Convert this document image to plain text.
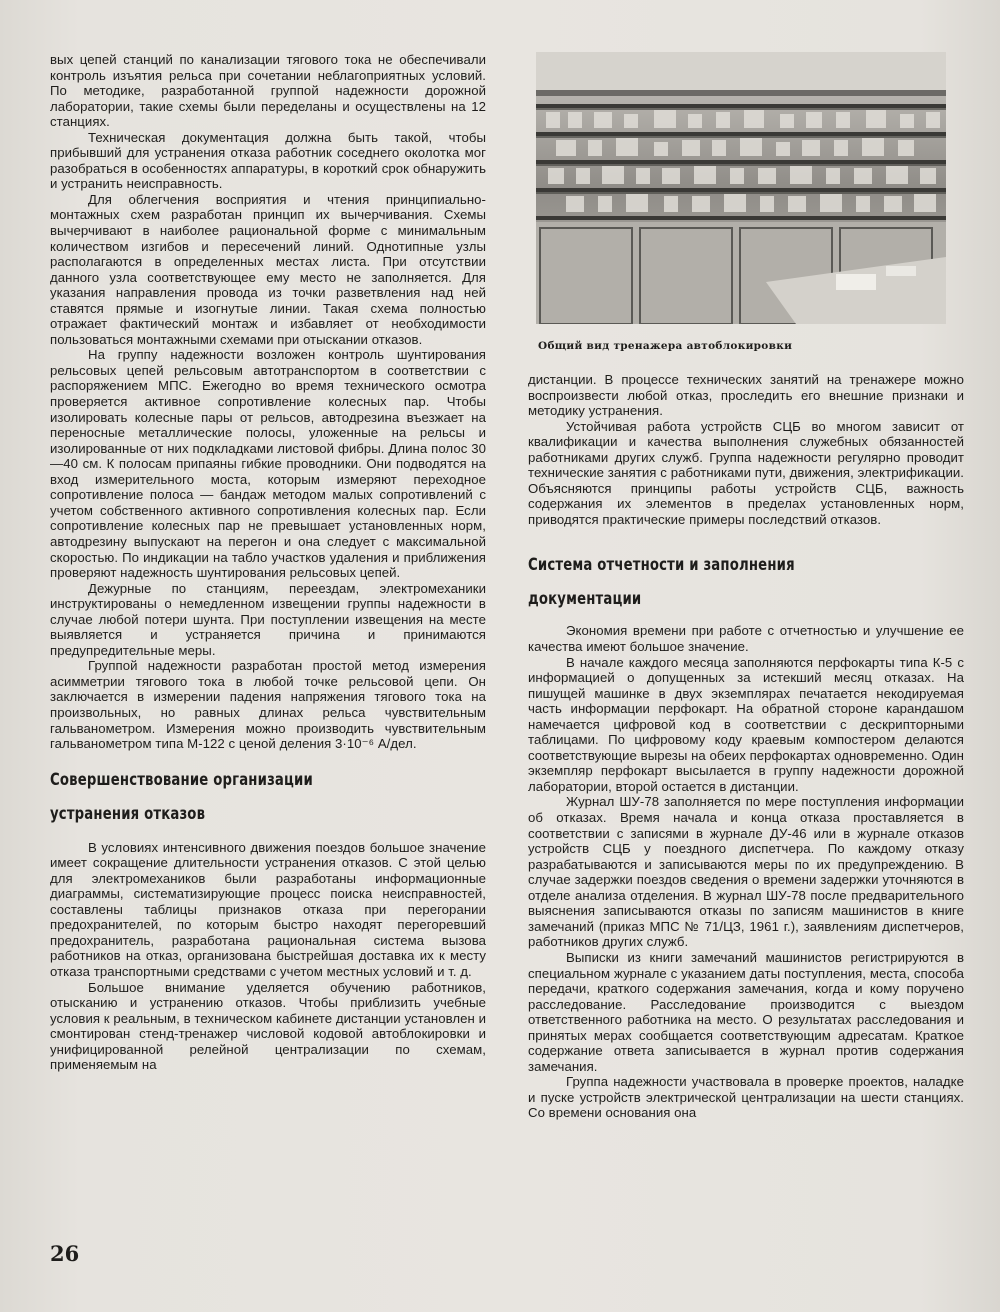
вых цепей станций по канализации тягового тока не обеспечивали контроль изъятия рельса при сочетании неблагоприятных условий. По методике, разработанной группой надежности дорожной лаборатории, такие схемы были переделаны и осуществлены на 12 станциях.

Техническая документация должна быть такой, чтобы прибывший для устранения отказа работник соседнего околотка мог разобраться в особенностях аппаратуры, в короткий срок обнаружить и устранить неисправность.

Для облегчения восприятия и чтения принципиально-монтажных схем разработан принцип их вычерчивания. Схемы вычерчивают в наиболее рациональной форме с минимальным количеством изгибов и пересечений линий. Однотипные узлы располагаются в определенных местах листа. При отсутствии данного узла соответствующее ему место не заполняется. Для указания направления провода из точки разветвления над ней ставятся прямые и изогнутые линии. Такая схема полностью отражает фактический монтаж и избавляет от необходимости пользоваться монтажными схемами при отыскании отказов.

На группу надежности возложен контроль шунтирования рельсовых цепей рельсовым автотранспортом в соответствии с распоряжением МПС. Ежегодно во время технического осмотра проверяется активное сопротивление колесных пар. Чтобы изолировать колесные пары от рельсов, автодрезина въезжает на переносные металлические полосы, уложенные на рельсы и изолированные от них подкладками листовой фибры. Длина полос 30—40 см. К полосам припаяны гибкие проводники. Они подводятся на вход измерительного моста, которым измеряют переходное сопротивление полоса — бандаж методом малых сопротивлений с учетом собственного активного сопротивления колесных пар. Если сопротивление колесных пар не превышает установленных норм, автодрезину выпускают на перегон и она следует с максимальной скоростью. По индикации на табло участков удаления и приближения проверяют надежность шунтирования рельсовых цепей.

Дежурные по станциям, переездам, электромеханики инструктированы о немедленном извещении группы надежности в случае любой потери шунта. При поступлении извещения на месте выявляется и устраняется причина и принимаются предупредительные меры.

Группой надежности разработан простой метод измерения асимметрии тягового тока в любой точке рельсовой цепи. Он заключается в измерении падения напряжения тягового тока на произвольных, но равных длинах рельса чувствительным гальванометром. Измерения можно производить чувствительным гальванометром типа М-122 с ценой деления 3·10⁻⁶ А/дел.

Совершенствование организации
устранения отказов

В условиях интенсивного движения поездов большое значение имеет сокращение длительности устранения отказов. С этой целью для электромехаников были разработаны информационные диаграммы, систематизирующие процесс поиска неисправностей, составлены таблицы признаков отказа при перегорании предохранителей, по которым быстро находят перегоревший предохранитель, разработана рациональная система вызова работников на отказ, организована быстрейшая доставка их к месту отказа транспортными средствами с учетом местных условий и т. д.

Большое внимание уделяется обучению работников, отысканию и устранению отказов. Чтобы приблизить учебные условия к реальным, в техническом кабинете дистанции установлен и смонтирован стенд-тренажер числовой кодовой автоблокировки и унифицированной релейной централизации по схемам, применяемым на

Общий вид тренажера автоблокировки

дистанции. В процессе технических занятий на тренажере можно воспроизвести любой отказ, проследить его внешние признаки и методику устранения.

Устойчивая работа устройств СЦБ во многом зависит от квалификации и качества выполнения служебных обязанностей работниками других служб. Группа надежности регулярно проводит технические занятия с работниками пути, движения, электрификации. Объясняются принципы работы устройств СЦБ, важность содержания их элементов в пределах установленных норм, приводятся практические примеры последствий отказов.

Система отчетности и заполнения
документации

Экономия времени при работе с отчетностью и улучшение ее качества имеют большое значение.

В начале каждого месяца заполняются перфокарты типа К-5 с информацией о допущенных за истекший месяц отказах. На пишущей машинке в двух экземплярах печатается некодируемая часть информации перфокарт. На обратной стороне карандашом намечается цифровой код в соответствии с дескрипторными таблицами. По цифровому коду краевым компостером делаются соответствующие вырезы на обеих перфокартах одновременно. Один экземпляр перфокарт высылается в группу надежности дорожной лаборатории, второй остается в дистанции.

Журнал ШУ-78 заполняется по мере поступления информации об отказах. Время начала и конца отказа проставляется в соответствии с записями в журнале ДУ-46 или в журнале отказов устройств СЦБ у поездного диспетчера. По каждому отказу разрабатываются и записываются меры по их предупреждению. В случае задержки поездов сведения о времени задержки уточняются в отделе анализа отделения. В журнал ШУ-78 после предварительного выяснения записываются отказы по записям машинистов в книге замечаний (приказ МПС № 71/ЦЗ, 1961 г.), заявлениям диспетчеров, работников других служб.

Выписки из книги замечаний машинистов регистрируются в специальном журнале с указанием даты поступления, места, способа передачи, краткого содержания замечания, когда и кому поручено расследование. Расследование производится с выездом ответственного работника на место. О результатах расследования и принятых мерах сообщается соответствующим адресатам. Краткое содержание ответа записывается в журнал против содержания замечания.

Группа надежности участвовала в проверке проектов, наладке и пуске устройств электрической централизации на шести станциях. Со времени основания она

26
